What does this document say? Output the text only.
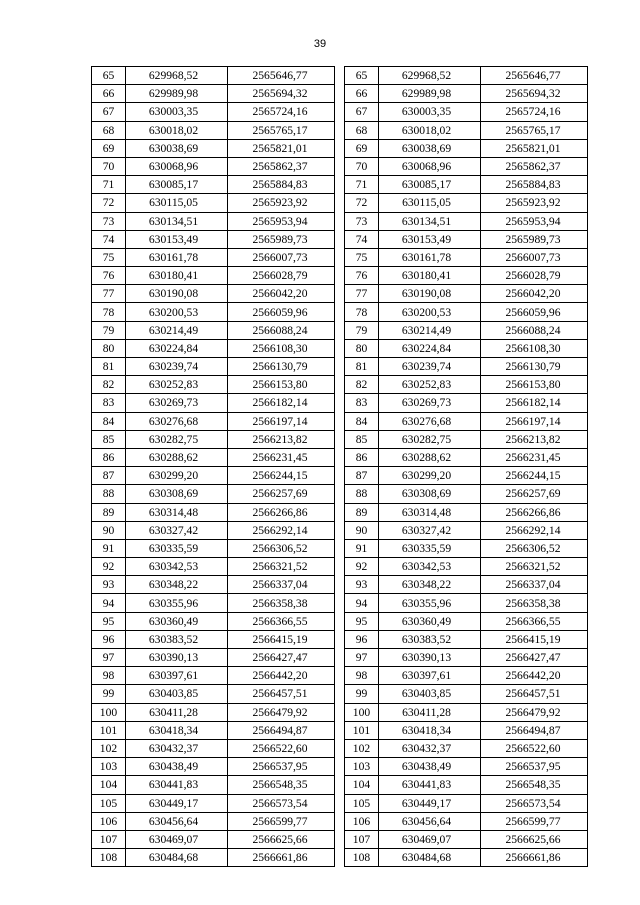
39
65	629968,52	2565646,77
66	629989,98	2565694,32
67	630003,35	2565724,16
68	630018,02	2565765,17
69	630038,69	2565821,01
70	630068,96	2565862,37
71	630085,17	2565884,83
72	630115,05	2565923,92
73	630134,51	2565953,94
74	630153,49	2565989,73
75	630161,78	2566007,73
76	630180,41	2566028,79
77	630190,08	2566042,20
78	630200,53	2566059,96
79	630214,49	2566088,24
80	630224,84	2566108,30
81	630239,74	2566130,79
82	630252,83	2566153,80
83	630269,73	2566182,14
84	630276,68	2566197,14
85	630282,75	2566213,82
86	630288,62	2566231,45
87	630299,20	2566244,15
88	630308,69	2566257,69
89	630314,48	2566266,86
90	630327,42	2566292,14
91	630335,59	2566306,52
92	630342,53	2566321,52
93	630348,22	2566337,04
94	630355,96	2566358,38
95	630360,49	2566366,55
96	630383,52	2566415,19
97	630390,13	2566427,47
98	630397,61	2566442,20
99	630403,85	2566457,51
100	630411,28	2566479,92
101	630418,34	2566494,87
102	630432,37	2566522,60
103	630438,49	2566537,95
104	630441,83	2566548,35
105	630449,17	2566573,54
106	630456,64	2566599,77
107	630469,07	2566625,66
108	630484,68	2566661,86
65	629968,52	2565646,77
66	629989,98	2565694,32
67	630003,35	2565724,16
68	630018,02	2565765,17
69	630038,69	2565821,01
70	630068,96	2565862,37
71	630085,17	2565884,83
72	630115,05	2565923,92
73	630134,51	2565953,94
74	630153,49	2565989,73
75	630161,78	2566007,73
76	630180,41	2566028,79
77	630190,08	2566042,20
78	630200,53	2566059,96
79	630214,49	2566088,24
80	630224,84	2566108,30
81	630239,74	2566130,79
82	630252,83	2566153,80
83	630269,73	2566182,14
84	630276,68	2566197,14
85	630282,75	2566213,82
86	630288,62	2566231,45
87	630299,20	2566244,15
88	630308,69	2566257,69
89	630314,48	2566266,86
90	630327,42	2566292,14
91	630335,59	2566306,52
92	630342,53	2566321,52
93	630348,22	2566337,04
94	630355,96	2566358,38
95	630360,49	2566366,55
96	630383,52	2566415,19
97	630390,13	2566427,47
98	630397,61	2566442,20
99	630403,85	2566457,51
100	630411,28	2566479,92
101	630418,34	2566494,87
102	630432,37	2566522,60
103	630438,49	2566537,95
104	630441,83	2566548,35
105	630449,17	2566573,54
106	630456,64	2566599,77
107	630469,07	2566625,66
108	630484,68	2566661,86
